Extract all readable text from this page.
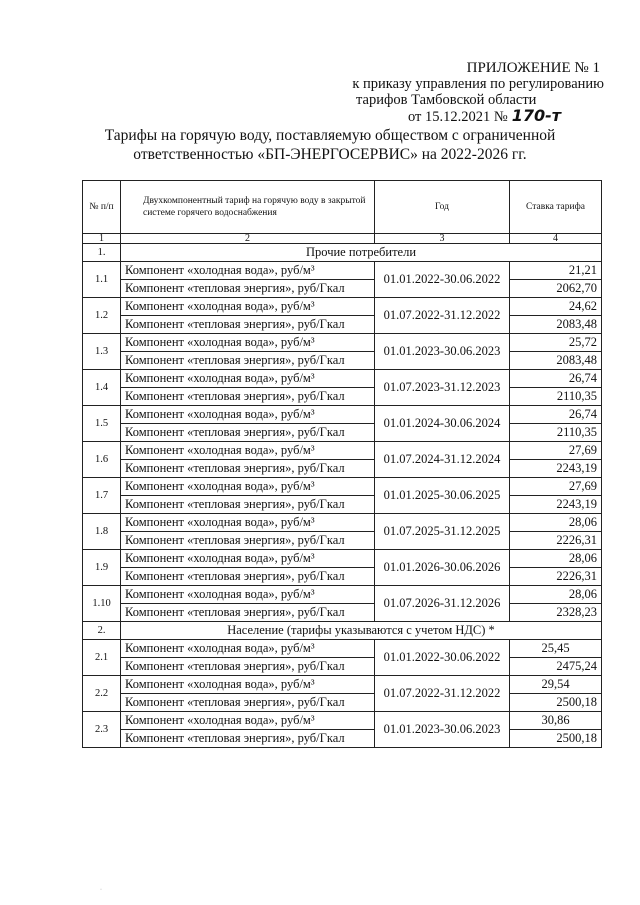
ПРИЛОЖЕНИЕ № 1
к приказу управления по регулированию
тарифов Тамбовской области
от 15.12.2021 № 170-т
Тарифы на горячую воду, поставляемую обществом с ограниченной
ответственностью «БП-ЭНЕРГОСЕРВИС» на 2022-2026 гг.
№ п/п	Двухкомпонентный тариф на горячую воду в закрытой системе горячего водоснабжения	Год	Ставка тарифа
1	2	3	4
1.	Прочие потребители		
1.1	Компонент «холодная вода», руб/м³	01.01.2022-30.06.2022	21,21
	Компонент «тепловая энергия», руб/Гкал		2062,70
1.2	Компонент «холодная вода», руб/м³	01.07.2022-31.12.2022	24,62
	Компонент «тепловая энергия», руб/Гкал		2083,48
1.3	Компонент «холодная вода», руб/м³	01.01.2023-30.06.2023	25,72
	Компонент «тепловая энергия», руб/Гкал		2083,48
1.4	Компонент «холодная вода», руб/м³	01.07.2023-31.12.2023	26,74
	Компонент «тепловая энергия», руб/Гкал		2110,35
1.5	Компонент «холодная вода», руб/м³	01.01.2024-30.06.2024	26,74
	Компонент «тепловая энергия», руб/Гкал		2110,35
1.6	Компонент «холодная вода», руб/м³	01.07.2024-31.12.2024	27,69
	Компонент «тепловая энергия», руб/Гкал		2243,19
1.7	Компонент «холодная вода», руб/м³	01.01.2025-30.06.2025	27,69
	Компонент «тепловая энергия», руб/Гкал		2243,19
1.8	Компонент «холодная вода», руб/м³	01.07.2025-31.12.2025	28,06
	Компонент «тепловая энергия», руб/Гкал		2226,31
1.9	Компонент «холодная вода», руб/м³	01.01.2026-30.06.2026	28,06
	Компонент «тепловая энергия», руб/Гкал		2226,31
1.10	Компонент «холодная вода», руб/м³	01.07.2026-31.12.2026	28,06
	Компонент «тепловая энергия», руб/Гкал		2328,23
2.	Население (тарифы указываются с учетом НДС) *		
2.1	Компонент «холодная вода», руб/м³	01.01.2022-30.06.2022	25,45
	Компонент «тепловая энергия», руб/Гкал		2475,24
2.2	Компонент «холодная вода», руб/м³	01.07.2022-31.12.2022	29,54
	Компонент «тепловая энергия», руб/Гкал		2500,18
2.3	Компонент «холодная вода», руб/м³	01.01.2023-30.06.2023	30,86
	Компонент «тепловая энергия», руб/Гкал		2500,18
·
